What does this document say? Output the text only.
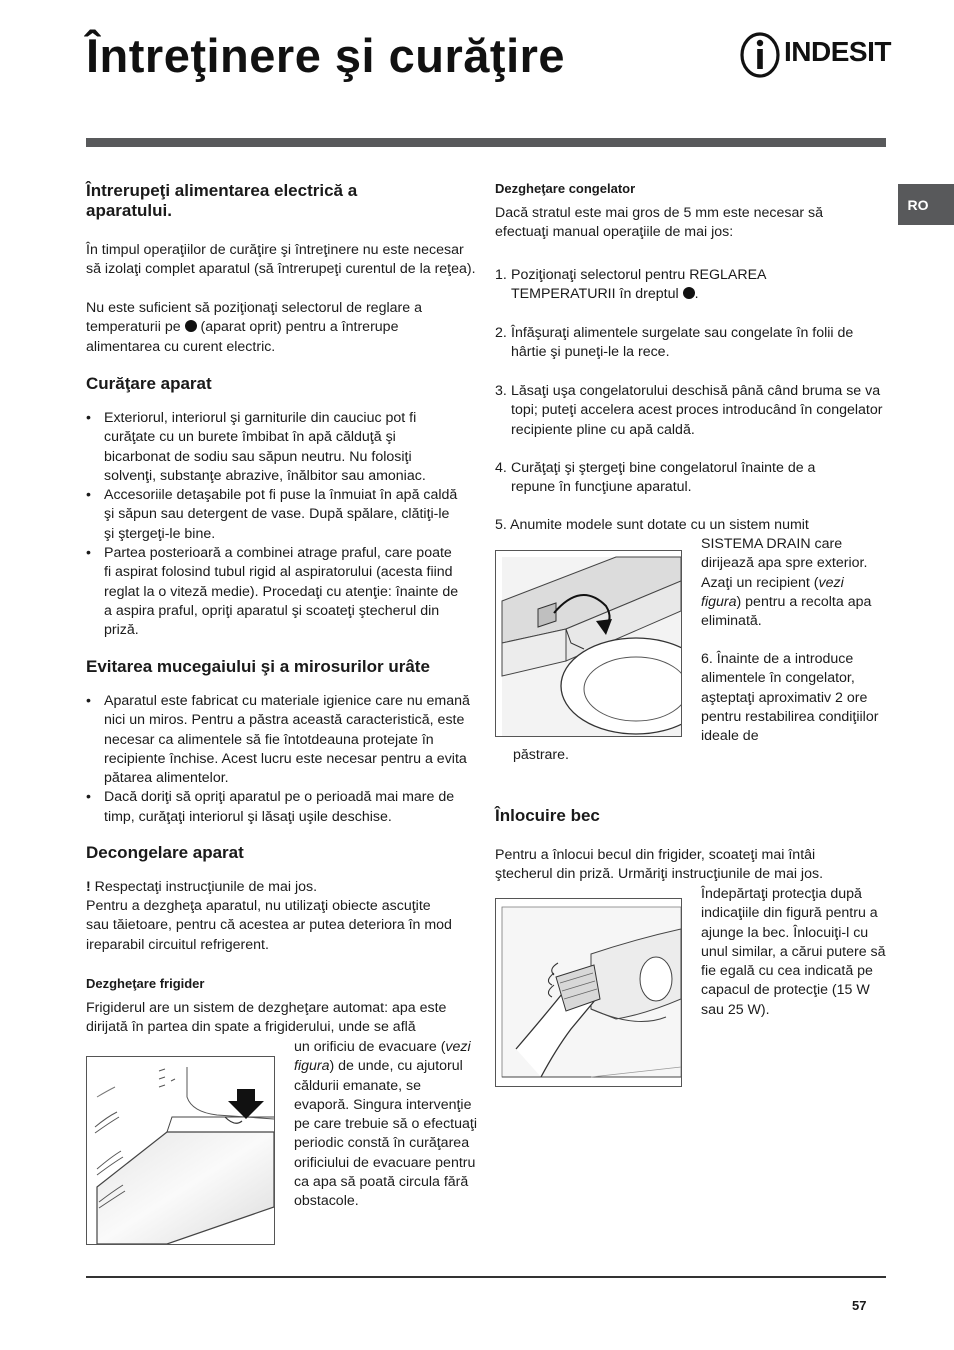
Întreţinere şi curăţire	INDESIT
RO
Întrerupeţi alimentarea electrică a aparatului.

În timpul operaţiilor de curăţire şi întreţinere nu este necesar să izolaţi complet aparatul (să întrerupeţi curentul de la reţea).

Nu este suficient să poziţionaţi selectorul de reglare a temperaturii pe  (aparat oprit) pentru a întrerupe alimentarea cu curent electric.

Curăţare aparat
• Exteriorul, interiorul şi garniturile din cauciuc pot fi curăţate cu un burete îmbibat în apă călduţă şi bicarbonat de sodiu sau săpun neutru. Nu folosiţi solvenţi, substanţe abrazive, înălbitor sau amoniac.
• Accesoriile detaşabile pot fi puse la înmuiat în apă caldă şi săpun sau detergent de vase. După spălare, clătiţi-le şi ştergeţi-le bine.
• Partea posterioară a combinei atrage praful, care poate fi aspirat folosind tubul rigid al aspiratorului (acesta fiind reglat la o viteză medie). Procedaţi cu atenţie: înainte de a aspira praful, opriţi aparatul şi scoateţi ştecherul din priză.
Evitarea mucegaiului şi a mirosurilor urâte
• Aparatul este fabricat cu materiale igienice care nu emană nici un miros. Pentru a păstra această caracteristică, este necesar ca alimentele să fie întotdeauna protejate în recipiente închise. Acest lucru este necesar pentru a evita pătarea alimentelor.
• Dacă doriţi să opriţi aparatul pe o perioadă mai mare de timp, curăţaţi interiorul şi lăsaţi uşile deschise.
Decongelare aparat

! Respectaţi instrucţiunile de mai jos.

Pentru a dezgheţa aparatul, nu utilizaţi obiecte ascuţite sau tăietoare, pentru că acestea ar putea deteriora în mod ireparabil circuitul refrigerent.

Dezgheţare frigider

Frigiderul are un sistem de dezgheţare automat: apa este dirijată în partea din spate a frigiderului, unde se află

un orificiu de evacuare (vezi figura) de unde, cu ajutorul căldurii emanate, se evaporă. Singura intervenţie pe care trebuie să o efectuaţi periodic constă în curăţarea orificiului de evacuare pentru ca apa să poată circula fără obstacole.

Dezgheţare congelator

Dacă stratul este mai gros de 5 mm este necesar să efectuaţi manual operaţiile de mai jos:

1. Poziţionaţi selectorul pentru REGLAREA TEMPERATURII în dreptul .
2. Înfăşuraţi alimentele surgelate sau congelate în folii de hârtie şi puneţi-le la rece.
3. Lăsaţi uşa congelatorului deschisă până când bruma se va topi; puteţi accelera acest proces introducând în congelator recipiente pline cu apă caldă.
4. Curăţaţi şi ştergeţi bine congelatorul înainte de a repune în funcţiune aparatul.

5. Anumite modele sunt dotate cu un sistem numit

SISTEMA DRAIN care dirijează apa spre exterior. Azaţi un recipient (vezi figura) pentru a recolta apa eliminată.

6. Înainte de a introduce alimentele în congelator, aşteptaţi aproximativ 2 ore pentru restabilirea condiţiilor ideale de

păstrare.

Înlocuire bec

Pentru a înlocui becul din frigider, scoateţi mai întâi ştecherul din priză. Urmăriţi instrucţiunile de mai jos.

Îndepărtaţi protecţia după indicaţiile din figură pentru a ajunge la bec. Înlocuiţi-l cu unul similar, a cărui putere să fie egală cu cea indicată pe capacul de protecţie (15 W sau 25 W).

57
